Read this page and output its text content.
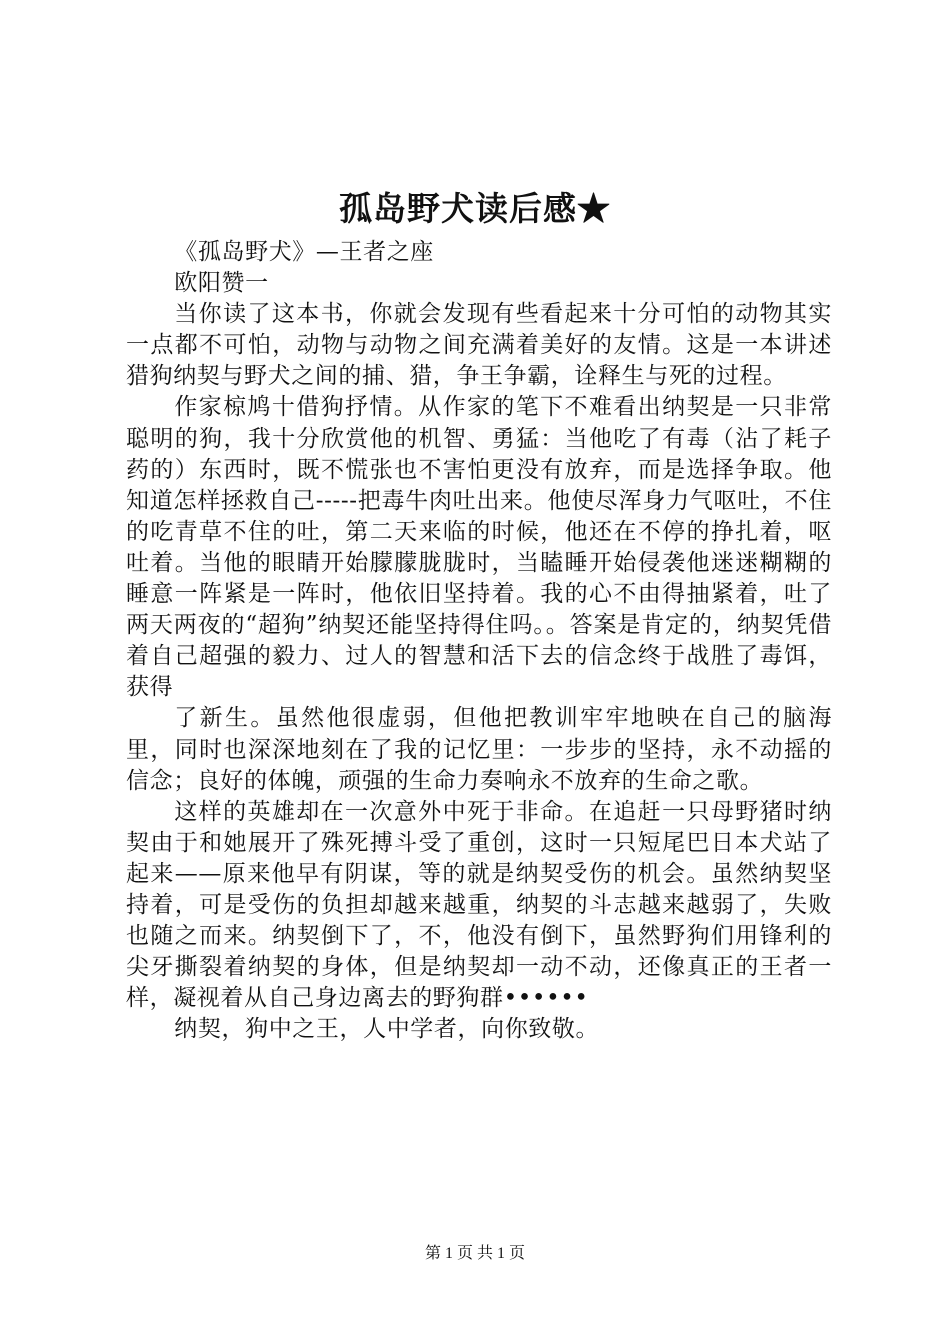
孤岛野犬读后感★

《孤岛野犬》—王者之座

欧阳赞一

当你读了这本书，你就会发现有些看起来十分可怕的动物其实一点都不可怕，动物与动物之间充满着美好的友情。这是一本讲述猎狗纳契与野犬之间的捕、猎，争王争霸，诠释生与死的过程。

作家椋鸠十借狗抒情。从作家的笔下不难看出纳契是一只非常聪明的狗，我十分欣赏他的机智、勇猛：当他吃了有毒（沾了耗子药的）东西时，既不慌张也不害怕更没有放弃，而是选择争取。他知道怎样拯救自己-----把毒牛肉吐出来。他使尽浑身力气呕吐，不住的吃青草不住的吐，第二天来临的时候，他还在不停的挣扎着，呕吐着。当他的眼睛开始朦朦胧胧时，当瞌睡开始侵袭他迷迷糊糊的睡意一阵紧是一阵时，他依旧坚持着。我的心不由得抽紧着，吐了两天两夜的“超狗”纳契还能坚持得住吗。。答案是肯定的，纳契凭借着自己超强的毅力、过人的智慧和活下去的信念终于战胜了毒饵，获得

了新生。虽然他很虚弱，但他把教训牢牢地映在自己的脑海里，同时也深深地刻在了我的记忆里：一步步的坚持，永不动摇的信念；良好的体魄，顽强的生命力奏响永不放弃的生命之歌。

这样的英雄却在一次意外中死于非命。在追赶一只母野猪时纳契由于和她展开了殊死搏斗受了重创，这时一只短尾巴日本犬站了起来——原来他早有阴谋，等的就是纳契受伤的机会。虽然纳契坚持着，可是受伤的负担却越来越重，纳契的斗志越来越弱了，失败也随之而来。纳契倒下了，不，他没有倒下，虽然野狗们用锋利的尖牙撕裂着纳契的身体，但是纳契却一动不动，还像真正的王者一样，凝视着从自己身边离去的野狗群••••••

纳契，狗中之王，人中学者，向你致敬。

第 1 页 共 1 页
